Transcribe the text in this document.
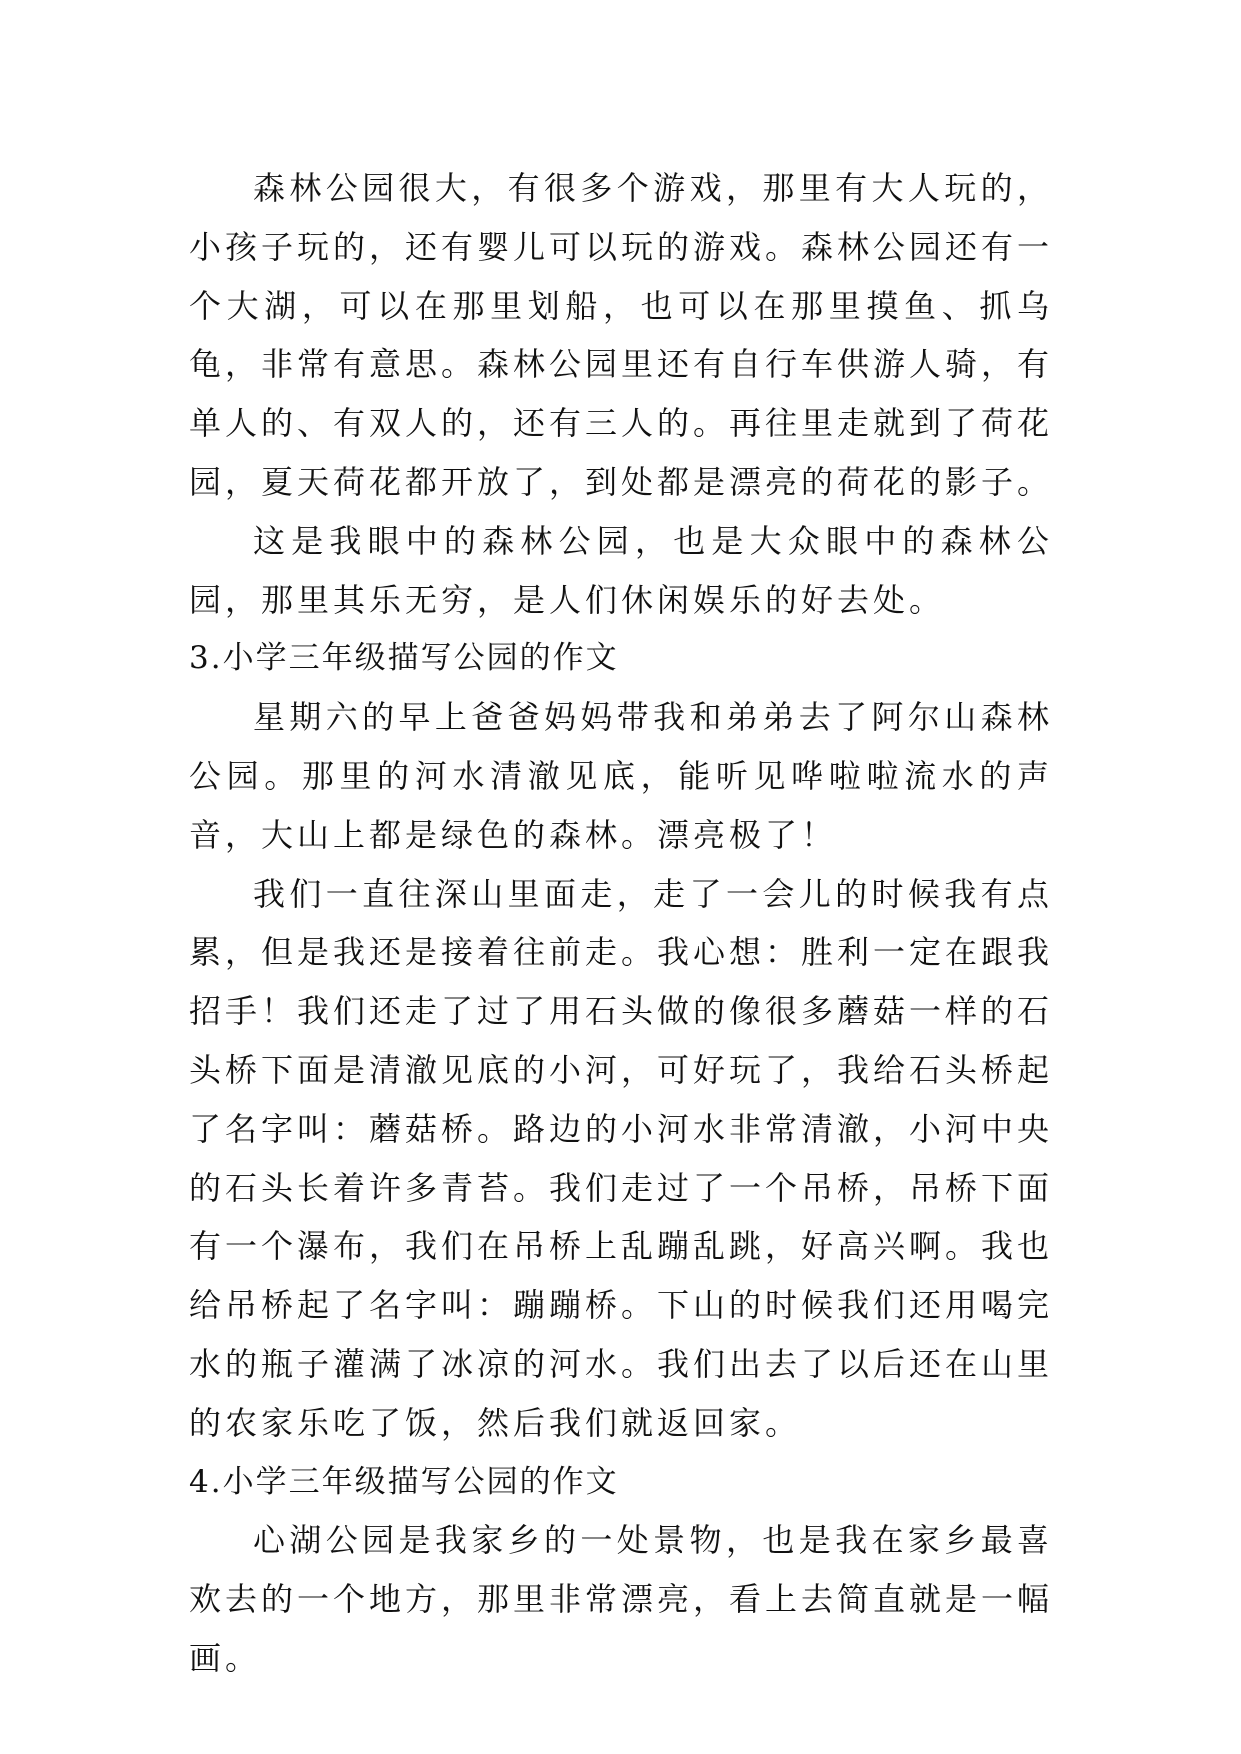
森林公园很大，有很多个游戏，那里有大人玩的，小孩子玩的，还有婴儿可以玩的游戏。森林公园还有一个大湖，可以在那里划船，也可以在那里摸鱼、抓乌龟，非常有意思。森林公园里还有自行车供游人骑，有单人的、有双人的，还有三人的。再往里走就到了荷花园，夏天荷花都开放了，到处都是漂亮的荷花的影子。

这是我眼中的森林公园，也是大众眼中的森林公园，那里其乐无穷，是人们休闲娱乐的好去处。

3.小学三年级描写公园的作文

星期六的早上爸爸妈妈带我和弟弟去了阿尔山森林公园。那里的河水清澈见底，能听见哗啦啦流水的声音，大山上都是绿色的森林。漂亮极了！

我们一直往深山里面走，走了一会儿的时候我有点累，但是我还是接着往前走。我心想：胜利一定在跟我招手！我们还走了过了用石头做的像很多蘑菇一样的石头桥下面是清澈见底的小河，可好玩了，我给石头桥起了名字叫：蘑菇桥。路边的小河水非常清澈，小河中央的石头长着许多青苔。我们走过了一个吊桥，吊桥下面有一个瀑布，我们在吊桥上乱蹦乱跳，好高兴啊。我也给吊桥起了名字叫：蹦蹦桥。下山的时候我们还用喝完水的瓶子灌满了冰凉的河水。我们出去了以后还在山里的农家乐吃了饭，然后我们就返回家。

4.小学三年级描写公园的作文

心湖公园是我家乡的一处景物，也是我在家乡最喜欢去的一个地方，那里非常漂亮，看上去简直就是一幅画。
